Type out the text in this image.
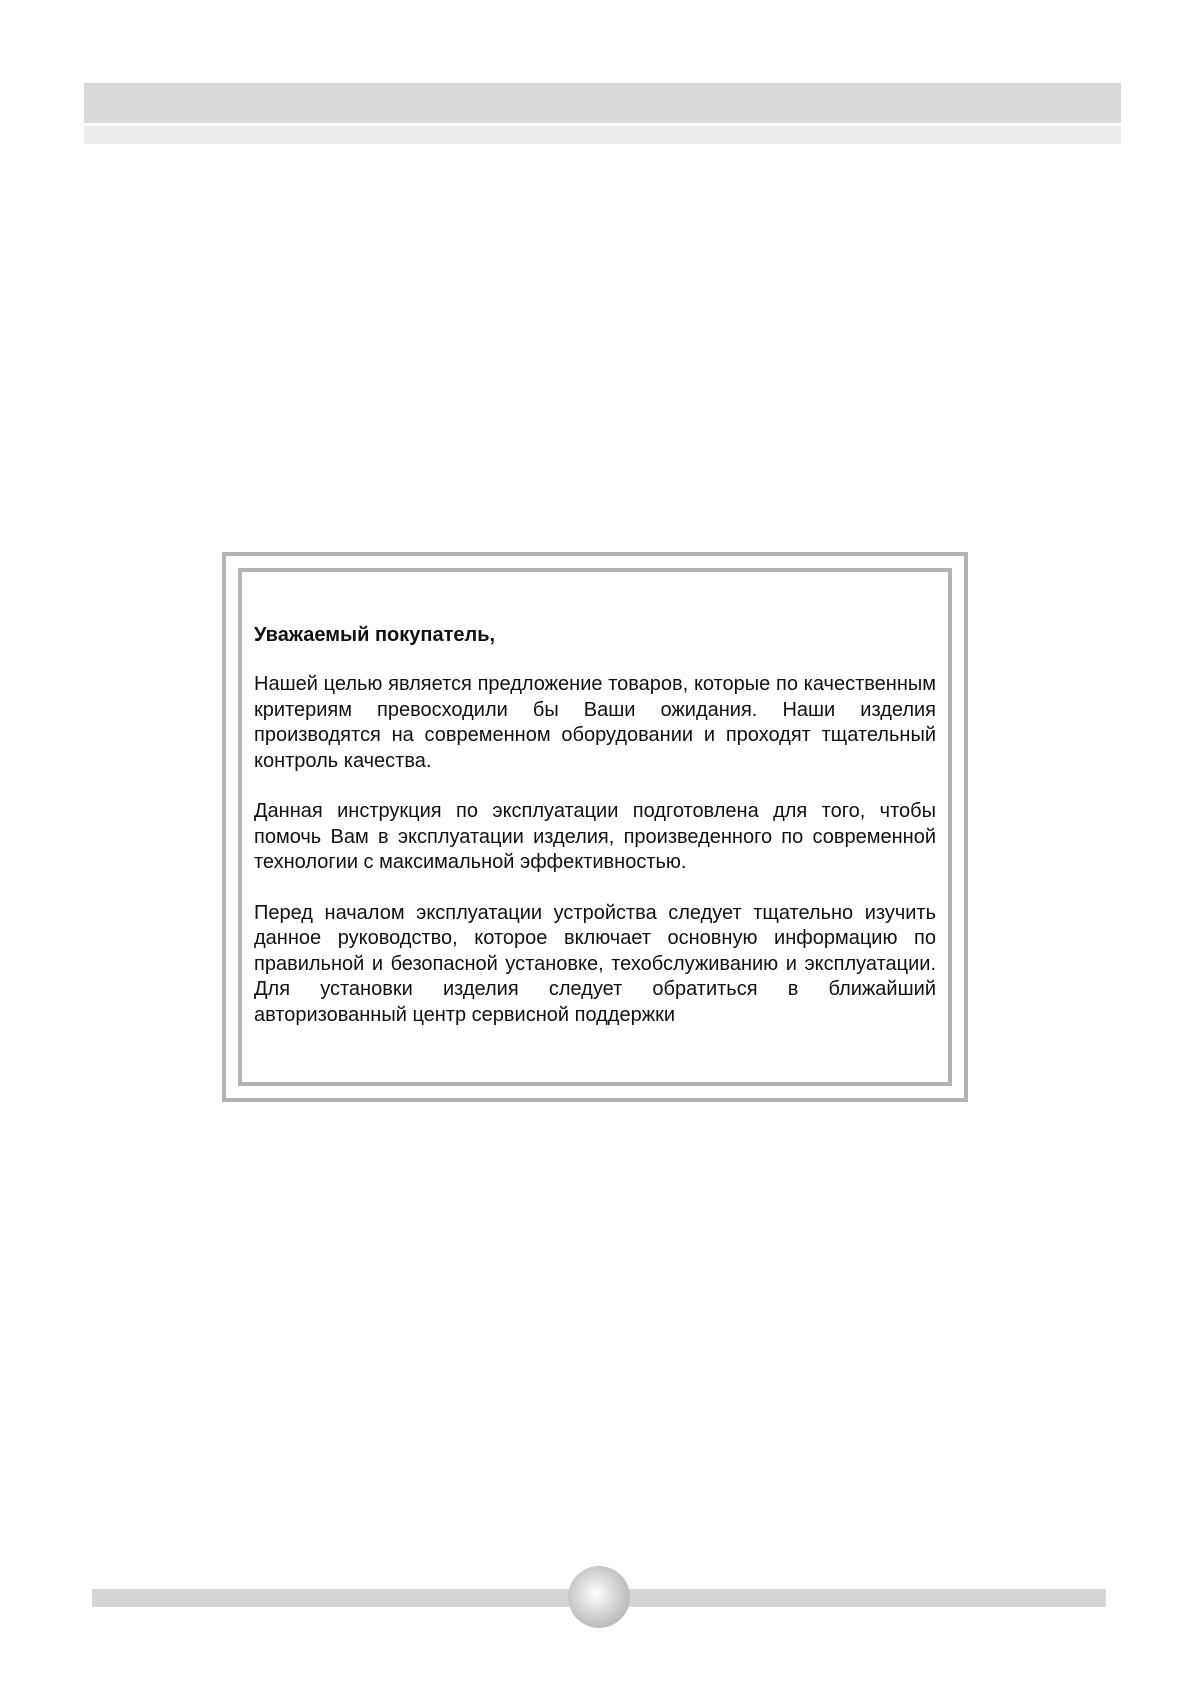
Уважаемый покупатель,

Нашей целью является предложение товаров, которые по качественным критериям превосходили бы Ваши ожидания. Наши изделия производятся на современном оборудовании и проходят тщательный контроль качества.

Данная инструкция по эксплуатации подготовлена для того, чтобы помочь Вам в эксплуатации изделия, произведенного по современной технологии с максимальной эффективностью.

Перед началом эксплуатации устройства следует тщательно изучить данное руководство, которое включает основную информацию по правильной и безопасной установке, техобслуживанию и эксплуатации. Для установки изделия следует обратиться в ближайший авторизованный центр сервисной поддержки

·
